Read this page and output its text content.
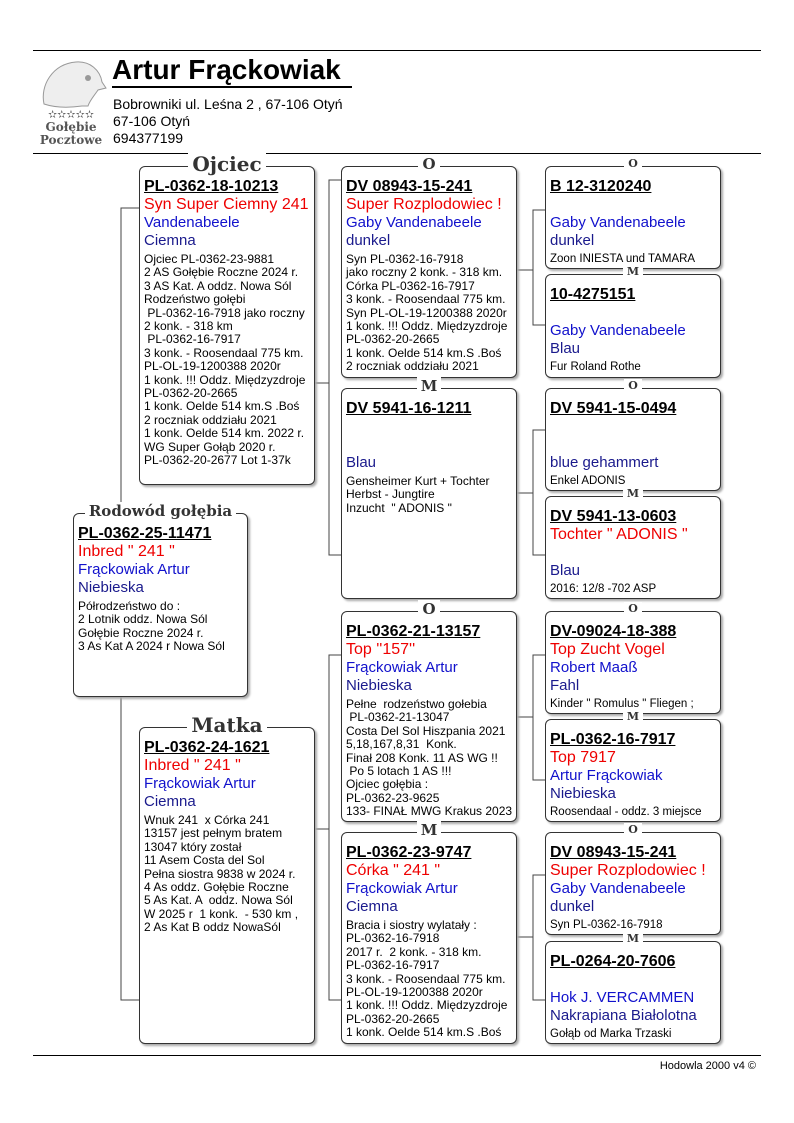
✫✫✫✫✫
Gołębie
Pocztowe
Artur Frąckowiak
Bobrowniki ul. Leśna 2 , 67-106 Otyń
67-106 Otyń
694377199
Rodowód gołębia
PL-0362-25-11471
Inbred " 241 "
Frąckowiak Artur
Niebieska
Półrodzeństwo do :
2 Lotnik oddz. Nowa Sól
Gołębie Roczne 2024 r.
3 As Kat A 2024 r Nowa Sól
Ojciec
PL-0362-18-10213
Syn Super Ciemny 241
Vandenabeele
Ciemna
Ojciec PL-0362-23-9881
2 AS Gołębie Roczne 2024 r.
3 AS Kat. A oddz. Nowa Sól
Rodzeństwo gołębi
PL-0362-16-7918 jako roczny
2 konk. - 318 km
PL-0362-16-7917
3 konk. - Roosendaal 775 km.
PL-OL-19-1200388 2020r
1 konk. !!! Oddz. Międzyzdroje
PL-0362-20-2665
1 konk. Oelde 514 km.S .Boś
2 roczniak oddziału 2021
1 konk. Oelde 514 km. 2022 r.
WG Super Gołąb 2020 r.
PL-0362-20-2677 Lot 1-37k
Matka
PL-0362-24-1621
Inbred " 241 "
Frąckowiak Artur
Ciemna
Wnuk 241  x Córka 241
13157 jest pełnym bratem
13047 który został
11 Asem Costa del Sol
Pełna siostra 9838 w 2024 r.
4 As oddz. Gołębie Roczne
5 As Kat. A  oddz. Nowa Sól
W 2025 r  1 konk.  - 530 km ,
2 As Kat B oddz NowaSól
O
DV 08943-15-241
Super Rozplodowiec !
Gaby Vandenabeele
dunkel
Syn PL-0362-16-7918
jako roczny 2 konk. - 318 km.
Córka PL-0362-16-7917
3 konk. - Roosendaal 775 km.
Syn PL-OL-19-1200388 2020r
1 konk. !!! Oddz. Międzyzdroje
PL-0362-20-2665
1 konk. Oelde 514 km.S .Boś
2 roczniak oddziału 2021
M
DV 5941-16-1211
Blau
Gensheimer Kurt + Tochter
Herbst - Jungtire
Inzucht  " ADONIS "
O
PL-0362-21-13157
Top ''157''
Frąckowiak Artur
Niebieska
Pełne  rodzeństwo gołebia
PL-0362-21-13047
Costa Del Sol Hiszpania 2021
5,18,167,8,31  Konk.
Finał 208 Konk. 11 AS WG !!
Po 5 lotach 1 AS !!!
Ojciec gołębia :
PL-0362-23-9625
133- FINAŁ MWG Krakus 2023
M
PL-0362-23-9747
Córka " 241 "
Frąckowiak Artur
Ciemna
Bracia i siostry wylatały :
PL-0362-16-7918
2017 r.  2 konk. - 318 km.
PL-0362-16-7917
3 konk. - Roosendaal 775 km.
PL-OL-19-1200388 2020r
1 konk. !!! Oddz. Międzyzdroje
PL-0362-20-2665
1 konk. Oelde 514 km.S .Boś
O
B 12-3120240
Gaby Vandenabeele
dunkel
Zoon INIESTA und TAMARA
M
10-4275151
Gaby Vandenabeele
Blau
Fur Roland Rothe
O
DV 5941-15-0494
blue gehammert
Enkel ADONIS
M
DV 5941-13-0603
Tochter " ADONIS "
Blau
2016: 12/8 -702 ASP
O
DV-09024-18-388
Top Zucht Vogel
Robert Maaß
Fahl
Kinder " Romulus " Fliegen ;
M
PL-0362-16-7917
Top 7917
Artur Frąckowiak
Niebieska
Roosendaal - oddz. 3 miejsce
O
DV 08943-15-241
Super Rozplodowiec !
Gaby Vandenabeele
dunkel
Syn PL-0362-16-7918
M
PL-0264-20-7606
Hok J. VERCAMMEN
Nakrapiana Białolotna
Gołąb od Marka Trzaski
Hodowla 2000 v4 ©
